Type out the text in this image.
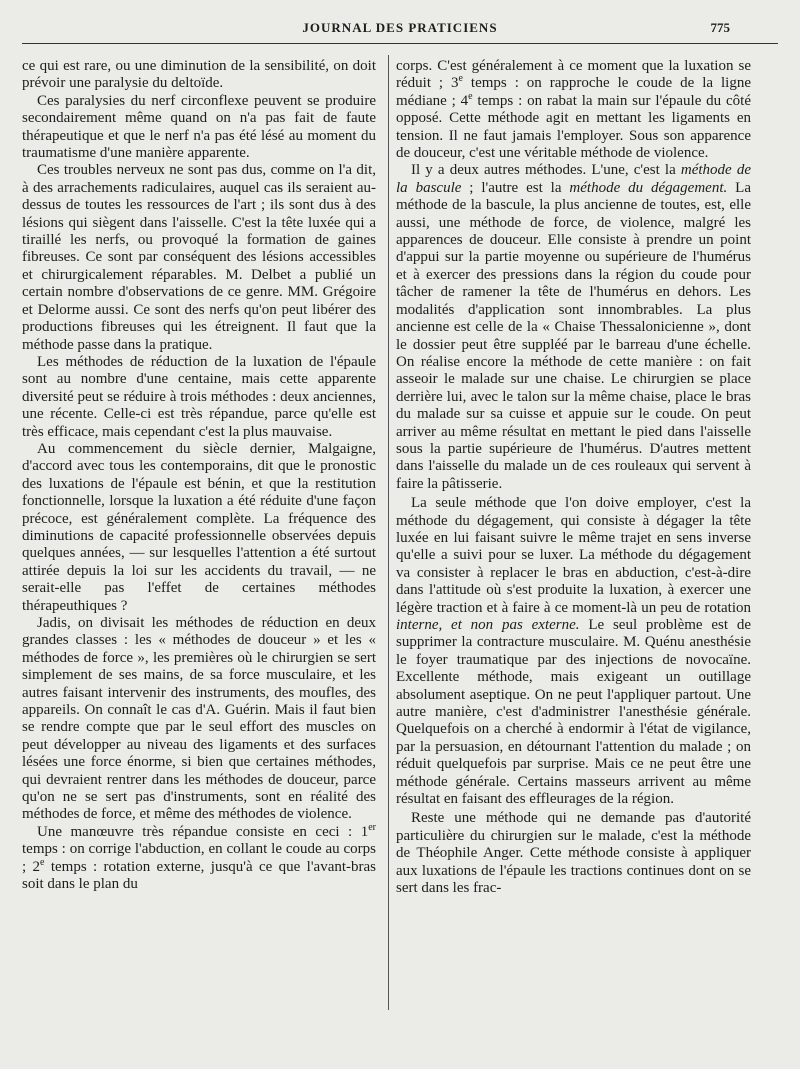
JOURNAL DES PRATICIENS	775

ce qui est rare, ou une diminution de la sensibilité, on doit prévoir une paralysie du deltoïde.

Ces paralysies du nerf circonflexe peuvent se produire secondairement même quand on n'a pas fait de faute thérapeutique et que le nerf n'a pas été lésé au moment du traumatisme d'une manière apparente.

Ces troubles nerveux ne sont pas dus, comme on l'a dit, à des arrachements radiculaires, auquel cas ils seraient au-dessus de toutes les ressources de l'art ; ils sont dus à des lésions qui siègent dans l'aisselle. C'est la tête luxée qui a tiraillé les nerfs, ou provoqué la formation de gaines fibreuses. Ce sont par conséquent des lésions accessibles et chirurgicalement réparables. M. Delbet a publié un certain nombre d'observations de ce genre. MM. Grégoire et Delorme aussi. Ce sont des nerfs qu'on peut libérer des productions fibreuses qui les étreignent. Il faut que la méthode passe dans la pratique.

Les méthodes de réduction de la luxation de l'épaule sont au nombre d'une centaine, mais cette apparente diversité peut se réduire à trois méthodes : deux anciennes, une récente. Celle-ci est très répandue, parce qu'elle est très efficace, mais cependant c'est la plus mauvaise.

Au commencement du siècle dernier, Malgaigne, d'accord avec tous les contemporains, dit que le pronostic des luxations de l'épaule est bénin, et que la restitution fonctionnelle, lorsque la luxation a été réduite d'une façon précoce, est généralement complète. La fréquence des diminutions de capacité professionnelle observées depuis quelques années, — sur lesquelles l'attention a été surtout attirée depuis la loi sur les accidents du travail, — ne serait-elle pas l'effet de certaines méthodes thérapeuthiques ?

Jadis, on divisait les méthodes de réduction en deux grandes classes : les « méthodes de douceur » et les « méthodes de force », les premières où le chirurgien se sert simplement de ses mains, de sa force musculaire, et les autres faisant intervenir des instruments, des moufles, des appareils. On connaît le cas d'A. Guérin. Mais il faut bien se rendre compte que par le seul effort des muscles on peut développer au niveau des ligaments et des surfaces lésées une force énorme, si bien que certaines méthodes, qui devraient rentrer dans les méthodes de douceur, parce qu'on ne se sert pas d'instruments, sont en réalité des méthodes de force, et même des méthodes de violence.

Une manœuvre très répandue consiste en ceci : 1er temps : on corrige l'abduction, en collant le coude au corps ; 2e temps : rotation externe, jusqu'à ce que l'avant-bras soit dans le plan du

corps. C'est généralement à ce moment que la luxation se réduit ; 3e temps : on rapproche le coude de la ligne médiane ; 4e temps : on rabat la main sur l'épaule du côté opposé. Cette méthode agit en mettant les ligaments en tension. Il ne faut jamais l'employer. Sous son apparence de douceur, c'est une véritable méthode de violence.

Il y a deux autres méthodes. L'une, c'est la méthode de la bascule ; l'autre est la méthode du dégagement. La méthode de la bascule, la plus ancienne de toutes, est, elle aussi, une méthode de force, de violence, malgré les apparences de douceur. Elle consiste à prendre un point d'appui sur la partie moyenne ou supérieure de l'humérus et à exercer des pressions dans la région du coude pour tâcher de ramener la tête de l'humérus en dehors. Les modalités d'application sont innombrables. La plus ancienne est celle de la « Chaise Thessalonicienne », dont le dossier peut être suppléé par le barreau d'une échelle. On réalise encore la méthode de cette manière : on fait asseoir le malade sur une chaise. Le chirurgien se place derrière lui, avec le talon sur la même chaise, place le bras du malade sur sa cuisse et appuie sur le coude. On peut arriver au même résultat en mettant le pied dans l'aisselle sous la partie supérieure de l'humérus. D'autres mettent dans l'aisselle du malade un de ces rouleaux qui servent à faire la pâtisserie.

La seule méthode que l'on doive employer, c'est la méthode du dégagement, qui consiste à dégager la tête luxée en lui faisant suivre le même trajet en sens inverse qu'elle a suivi pour se luxer. La méthode du dégagement va consister à replacer le bras en abduction, c'est-à-dire dans l'attitude où s'est produite la luxation, à exercer une légère traction et à faire à ce moment-là un peu de rotation interne, et non pas externe. Le seul problème est de supprimer la contracture musculaire. M. Quénu anesthésie le foyer traumatique par des injections de novocaïne. Excellente méthode, mais exigeant un outillage absolument aseptique. On ne peut l'appliquer partout. Une autre manière, c'est d'administrer l'anesthésie générale. Quelquefois on a cherché à endormir à l'état de vigilance, par la persuasion, en détournant l'attention du malade ; on réduit quelquefois par surprise. Mais ce ne peut être une méthode générale. Certains masseurs arrivent au même résultat en faisant des effleurages de la région.

Reste une méthode qui ne demande pas d'autorité particulière du chirurgien sur le malade, c'est la méthode de Théophile Anger. Cette méthode consiste à appliquer aux luxations de l'épaule les tractions continues dont on se sert dans les frac-
